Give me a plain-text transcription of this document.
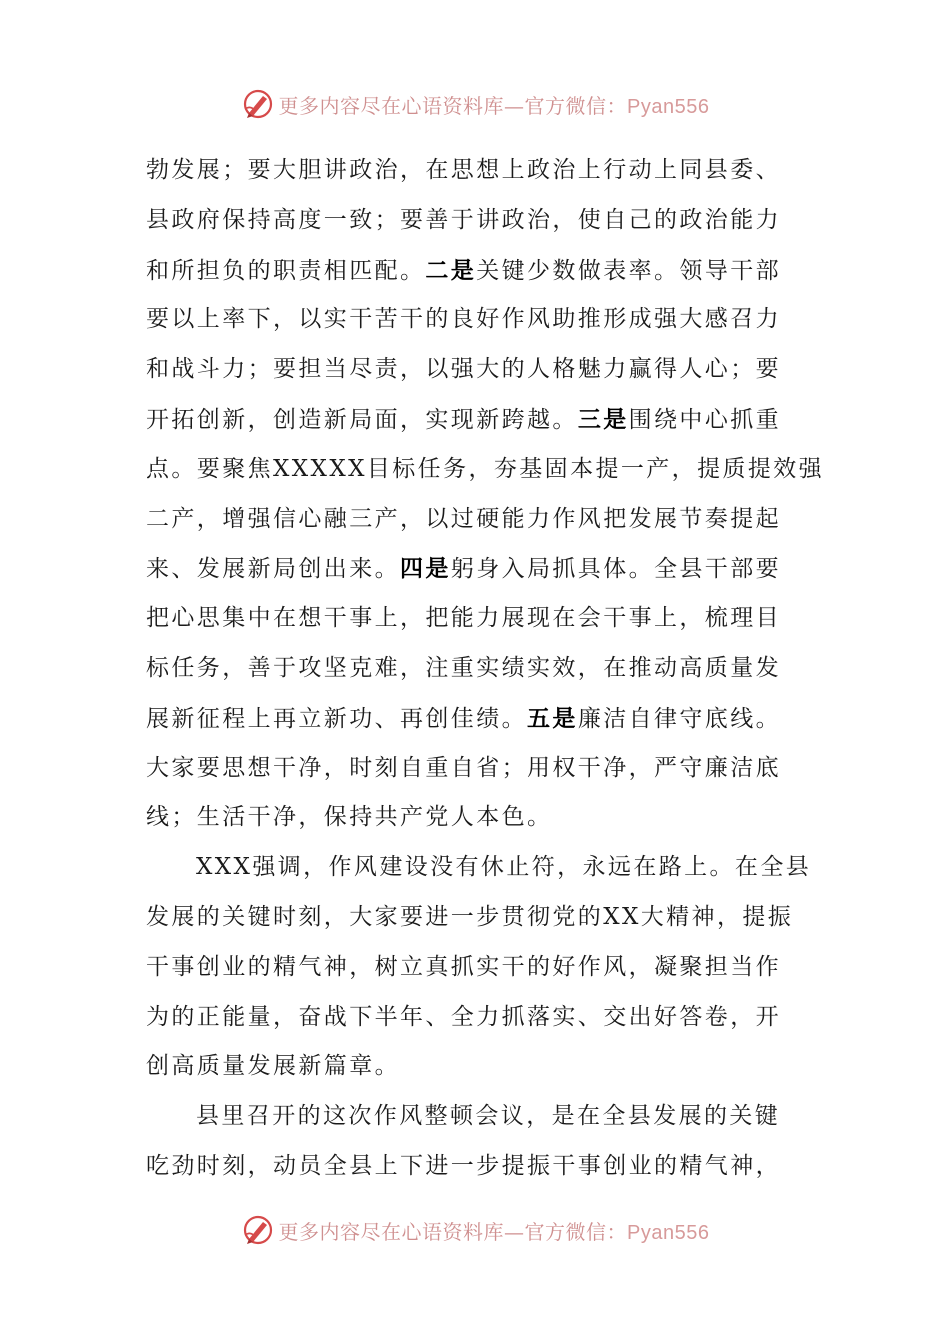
更多内容尽在心语资料库—官方微信：Pyan556
勃发展；要大胆讲政治，在思想上政治上行动上同县委、
县政府保持高度一致；要善于讲政治，使自己的政治能力
和所担负的职责相匹配。二是关键少数做表率。领导干部
要以上率下，以实干苦干的良好作风助推形成强大感召力
和战斗力；要担当尽责，以强大的人格魅力赢得人心；要
开拓创新，创造新局面，实现新跨越。三是围绕中心抓重
点。要聚焦XXXXX目标任务，夯基固本提一产，提质提效强
二产，增强信心融三产，以过硬能力作风把发展节奏提起
来、发展新局创出来。四是躬身入局抓具体。全县干部要
把心思集中在想干事上，把能力展现在会干事上，梳理目
标任务，善于攻坚克难，注重实绩实效，在推动高质量发
展新征程上再立新功、再创佳绩。五是廉洁自律守底线。
大家要思想干净，时刻自重自省；用权干净，严守廉洁底
线；生活干净，保持共产党人本色。
XXX强调，作风建设没有休止符，永远在路上。在全县
发展的关键时刻，大家要进一步贯彻党的XX大精神，提振
干事创业的精气神，树立真抓实干的好作风，凝聚担当作
为的正能量，奋战下半年、全力抓落实、交出好答卷，开
创高质量发展新篇章。
县里召开的这次作风整顿会议，是在全县发展的关键
吃劲时刻，动员全县上下进一步提振干事创业的精气神，
更多内容尽在心语资料库—官方微信：Pyan556
